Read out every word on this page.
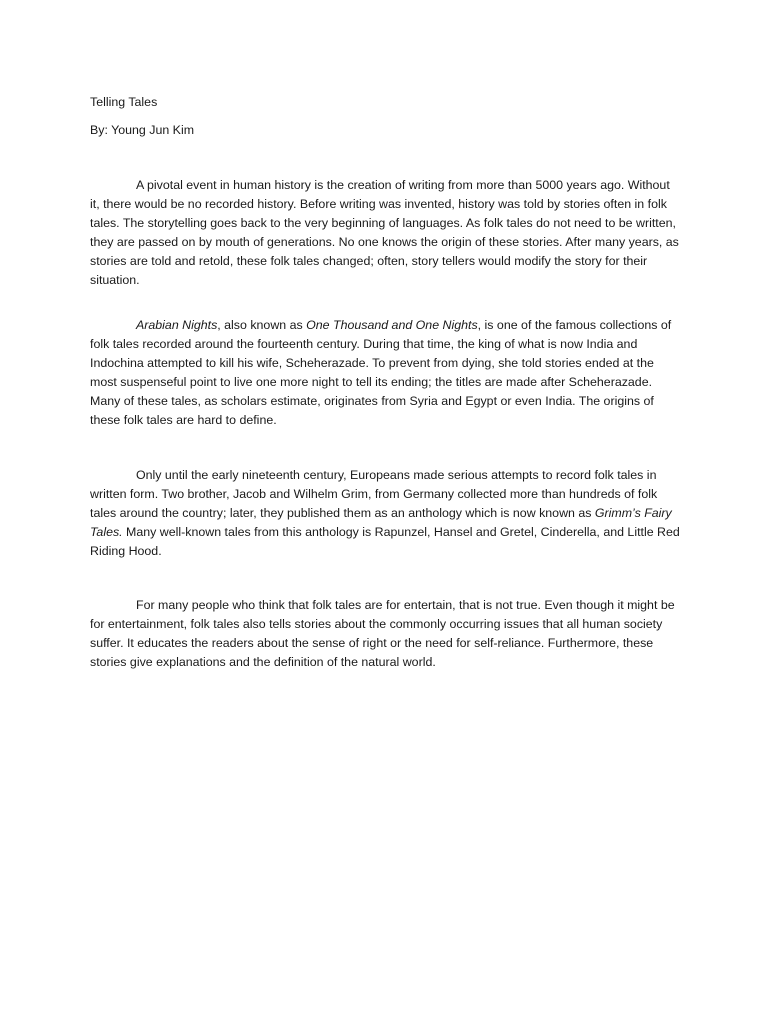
Telling Tales

By: Young Jun Kim

A pivotal event in human history is the creation of writing from more than 5000 years ago. Without it, there would be no recorded history. Before writing was invented, history was told by stories often in folk tales. The storytelling goes back to the very beginning of languages. As folk tales do not need to be written, they are passed on by mouth of generations. No one knows the origin of these stories. After many years, as stories are told and retold, these folk tales changed; often, story tellers would modify the story for their situation.

Arabian Nights, also known as One Thousand and One Nights, is one of the famous collections of folk tales recorded around the fourteenth century. During that time, the king of what is now India and Indochina attempted to kill his wife, Scheherazade. To prevent from dying, she told stories ended at the most suspenseful point to live one more night to tell its ending; the titles are made after Scheherazade. Many of these tales, as scholars estimate, originates from Syria and Egypt or even India. The origins of these folk tales are hard to define.

Only until the early nineteenth century, Europeans made serious attempts to record folk tales in written form. Two brother, Jacob and Wilhelm Grim, from Germany collected more than hundreds of folk tales around the country; later, they published them as an anthology which is now known as Grimm’s Fairy Tales. Many well-known tales from this anthology is Rapunzel, Hansel and Gretel, Cinderella, and Little Red Riding Hood.

For many people who think that folk tales are for entertain, that is not true. Even though it might be for entertainment, folk tales also tells stories about the commonly occurring issues that all human society suffer. It educates the readers about the sense of right or the need for self-reliance. Furthermore, these stories give explanations and the definition of the natural world.
